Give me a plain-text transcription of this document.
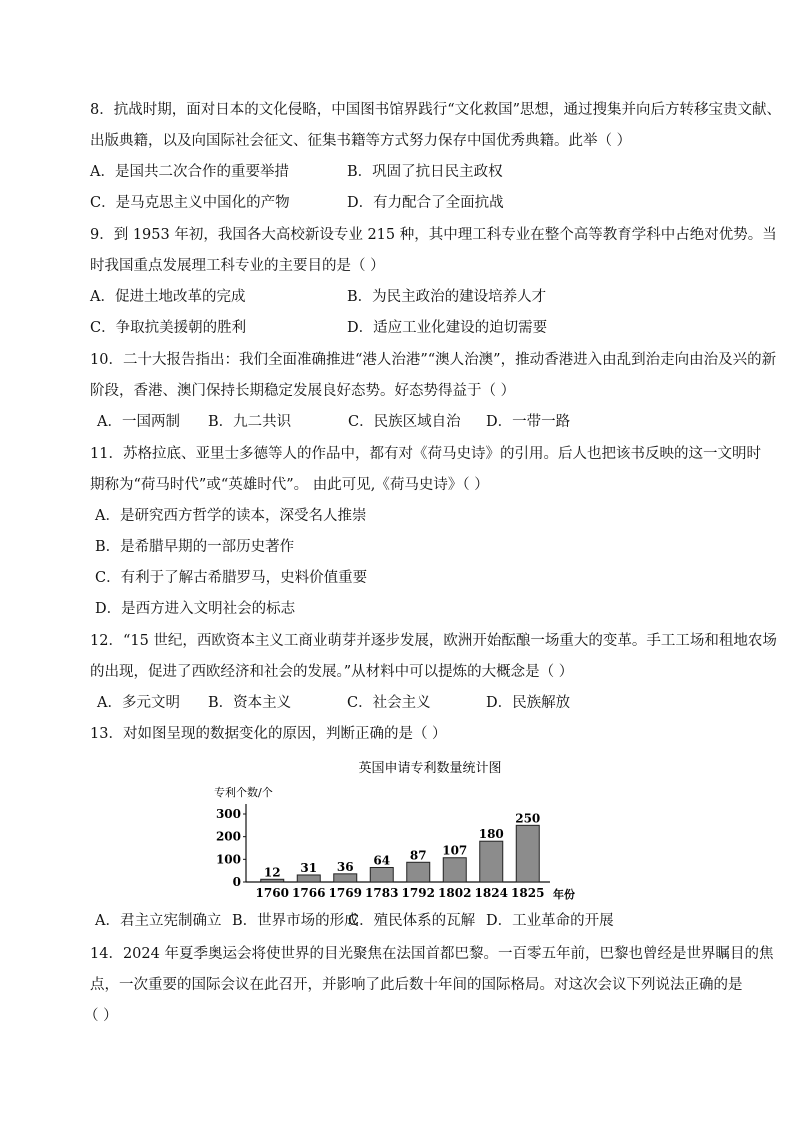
8．抗战时期，面对日本的文化侵略，中国图书馆界践行“文化救国”思想，通过搜集并向后方转移宝贵文献、
出版典籍，以及向国际社会征文、征集书籍等方式努力保存中国优秀典籍。此举（ ）
A．是国共二次合作的重要举措	B．巩固了抗日民主政权
C．是马克思主义中国化的产物	D．有力配合了全面抗战
9．到 1953 年初，我国各大高校新设专业 215 种，其中理工科专业在整个高等教育学科中占绝对优势。当
时我国重点发展理工科专业的主要目的是（ ）
A．促进土地改革的完成	B．为民主政治的建设培养人才
C．争取抗美援朝的胜利	D．适应工业化建设的迫切需要
10．二十大报告指出：我们全面准确推进“港人治港”“澳人治澳”，推动香港进入由乱到治走向由治及兴的新
阶段，香港、澳门保持长期稳定发展良好态势。好态势得益于（ ）
A．一国两制 B．九二共识	C．民族区域自治 D．一带一路
11．苏格拉底、亚里士多德等人的作品中，都有对《荷马史诗》的引用。后人也把该书反映的这一文明时
期称为“荷马时代”或“英雄时代”。 由此可见,《荷马史诗》（ ）
A．是研究西方哲学的读本，深受名人推崇
B．是希腊早期的一部历史著作
C．有利于了解古希腊罗马，史料价值重要
D．是西方进入文明社会的标志
12．“15 世纪，西欧资本主义工商业萌芽并逐步发展，欧洲开始酝酿一场重大的变革。手工工场和租地农场
的出现，促进了西欧经济和社会的发展。”从材料中可以提炼的大概念是（ ）
A．多元文明 B．资本主义	C．社会主义	D．民族解放
13．对如图呈现的数据变化的原因，判断正确的是（ ）
英国申请专利数量统计图
专利个数/个
0
100
200
300
12
1760
31
1766
36
1769
64
1783
87
1792
107
1802
180
1824
250
1825 年份
A．君主立宪制确立 B．世界市场的形成
C．殖民体系的瓦解 D．工业革命的开展
14．2024 年夏季奥运会将使世界的目光聚焦在法国首都巴黎。一百零五年前，巴黎也曾经是世界瞩目的焦
点，一次重要的国际会议在此召开，并影响了此后数十年间的国际格局。对这次会议下列说法正确的是
（ ）
